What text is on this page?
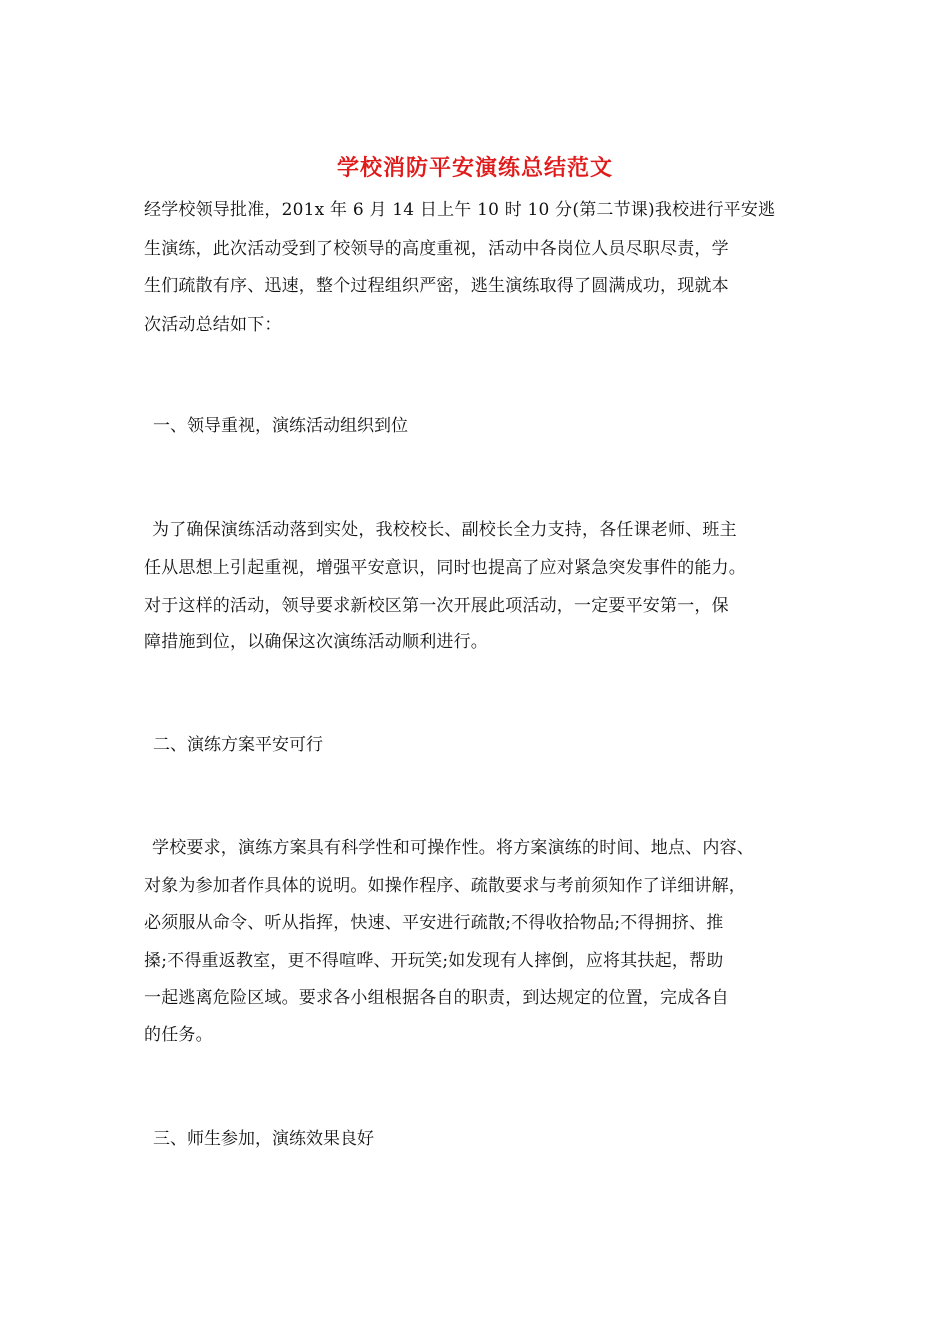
学校消防平安演练总结范文
经学校领导批准，201x 年 6 月 14 日上午 10 时 10 分(第二节课)我校进行平安逃
生演练，此次活动受到了校领导的高度重视，活动中各岗位人员尽职尽责，学
生们疏散有序、迅速，整个过程组织严密，逃生演练取得了圆满成功，现就本
次活动总结如下：
一、领导重视，演练活动组织到位
为了确保演练活动落到实处，我校校长、副校长全力支持，各任课老师、班主
任从思想上引起重视，增强平安意识，同时也提高了应对紧急突发事件的能力。
对于这样的活动，领导要求新校区第一次开展此项活动，一定要平安第一，保
障措施到位，以确保这次演练活动顺利进行。
二、演练方案平安可行
学校要求，演练方案具有科学性和可操作性。将方案演练的时间、地点、内容、
对象为参加者作具体的说明。如操作程序、疏散要求与考前须知作了详细讲解，
必须服从命令、听从指挥，快速、平安进行疏散;不得收拾物品;不得拥挤、推
搡;不得重返教室，更不得喧哗、开玩笑;如发现有人摔倒，应将其扶起，帮助
一起逃离危险区域。要求各小组根据各自的职责，到达规定的位置，完成各自
的任务。
三、师生参加，演练效果良好
